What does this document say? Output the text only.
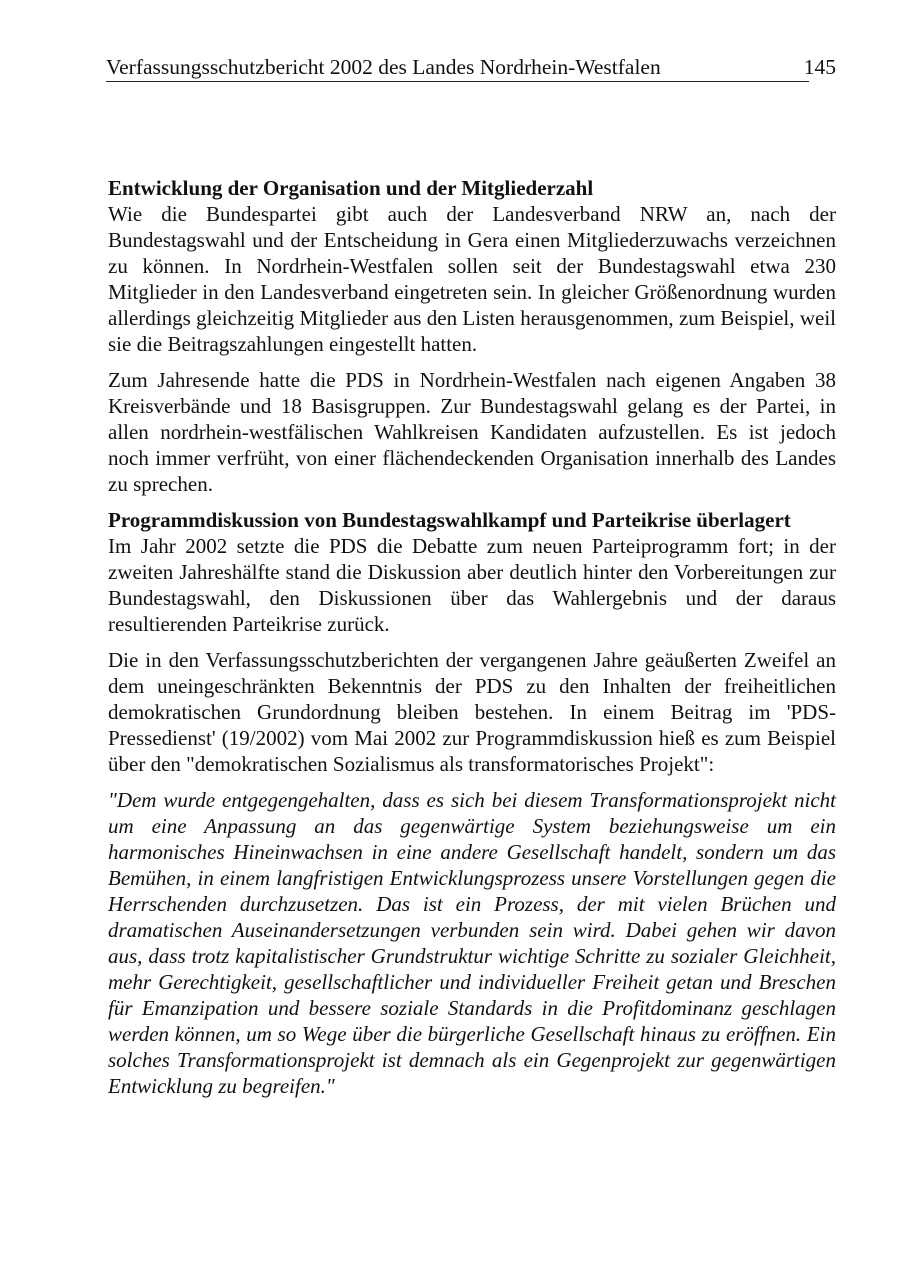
Verfassungsschutzbericht 2002 des Landes Nordrhein-Westfalen	145
Entwicklung der Organisation und der Mitgliederzahl

Wie die Bundespartei gibt auch der Landesverband NRW an, nach der Bundestagswahl und der Entscheidung in Gera einen Mitgliederzuwachs verzeichnen zu können. In Nordrhein-Westfalen sollen seit der Bundestagswahl etwa 230 Mitglieder in den Landesverband eingetreten sein. In gleicher Größenordnung wurden allerdings gleichzeitig Mitglieder aus den Listen herausgenommen, zum Beispiel, weil sie die Beitragszahlungen eingestellt hatten.

Zum Jahresende hatte die PDS in Nordrhein-Westfalen nach eigenen Angaben 38 Kreisverbände und 18 Basisgruppen. Zur Bundestagswahl gelang es der Partei, in allen nordrhein-westfälischen Wahlkreisen Kandidaten aufzustellen. Es ist jedoch noch immer verfrüht, von einer flächendeckenden Organisation innerhalb des Landes zu sprechen.

Programmdiskussion von Bundestagswahlkampf und Parteikrise überlagert

Im Jahr 2002 setzte die PDS die Debatte zum neuen Parteiprogramm fort; in der zweiten Jahreshälfte stand die Diskussion aber deutlich hinter den Vorbereitungen zur Bundestagswahl, den Diskussionen über das Wahlergebnis und der daraus resultierenden Parteikrise zurück.

Die in den Verfassungsschutzberichten der vergangenen Jahre geäußerten Zweifel an dem uneingeschränkten Bekenntnis der PDS zu den Inhalten der freiheitlichen demokratischen Grundordnung bleiben bestehen. In einem Beitrag im 'PDS-Pressedienst' (19/2002) vom Mai 2002 zur Programmdiskussion hieß es zum Beispiel über den "demokratischen Sozialismus als transformatorisches Projekt":

"Dem wurde entgegengehalten, dass es sich bei diesem Transformationsprojekt nicht um eine Anpassung an das gegenwärtige System beziehungsweise um ein harmonisches Hineinwachsen in eine andere Gesellschaft handelt, sondern um das Bemühen, in einem langfristigen Entwicklungsprozess unsere Vorstellungen gegen die Herrschenden durchzusetzen. Das ist ein Prozess, der mit vielen Brüchen und dramatischen Auseinandersetzungen verbunden sein wird. Dabei gehen wir davon aus, dass trotz kapitalistischer Grundstruktur wichtige Schritte zu sozialer Gleichheit, mehr Gerechtigkeit, gesellschaftlicher und individueller Freiheit getan und Breschen für Emanzipation und bessere soziale Standards in die Profitdominanz geschlagen werden können, um so Wege über die bürgerliche Gesellschaft hinaus zu eröffnen. Ein solches Transformationsprojekt ist demnach als ein Gegenprojekt zur gegenwärtigen Entwicklung zu begreifen."
